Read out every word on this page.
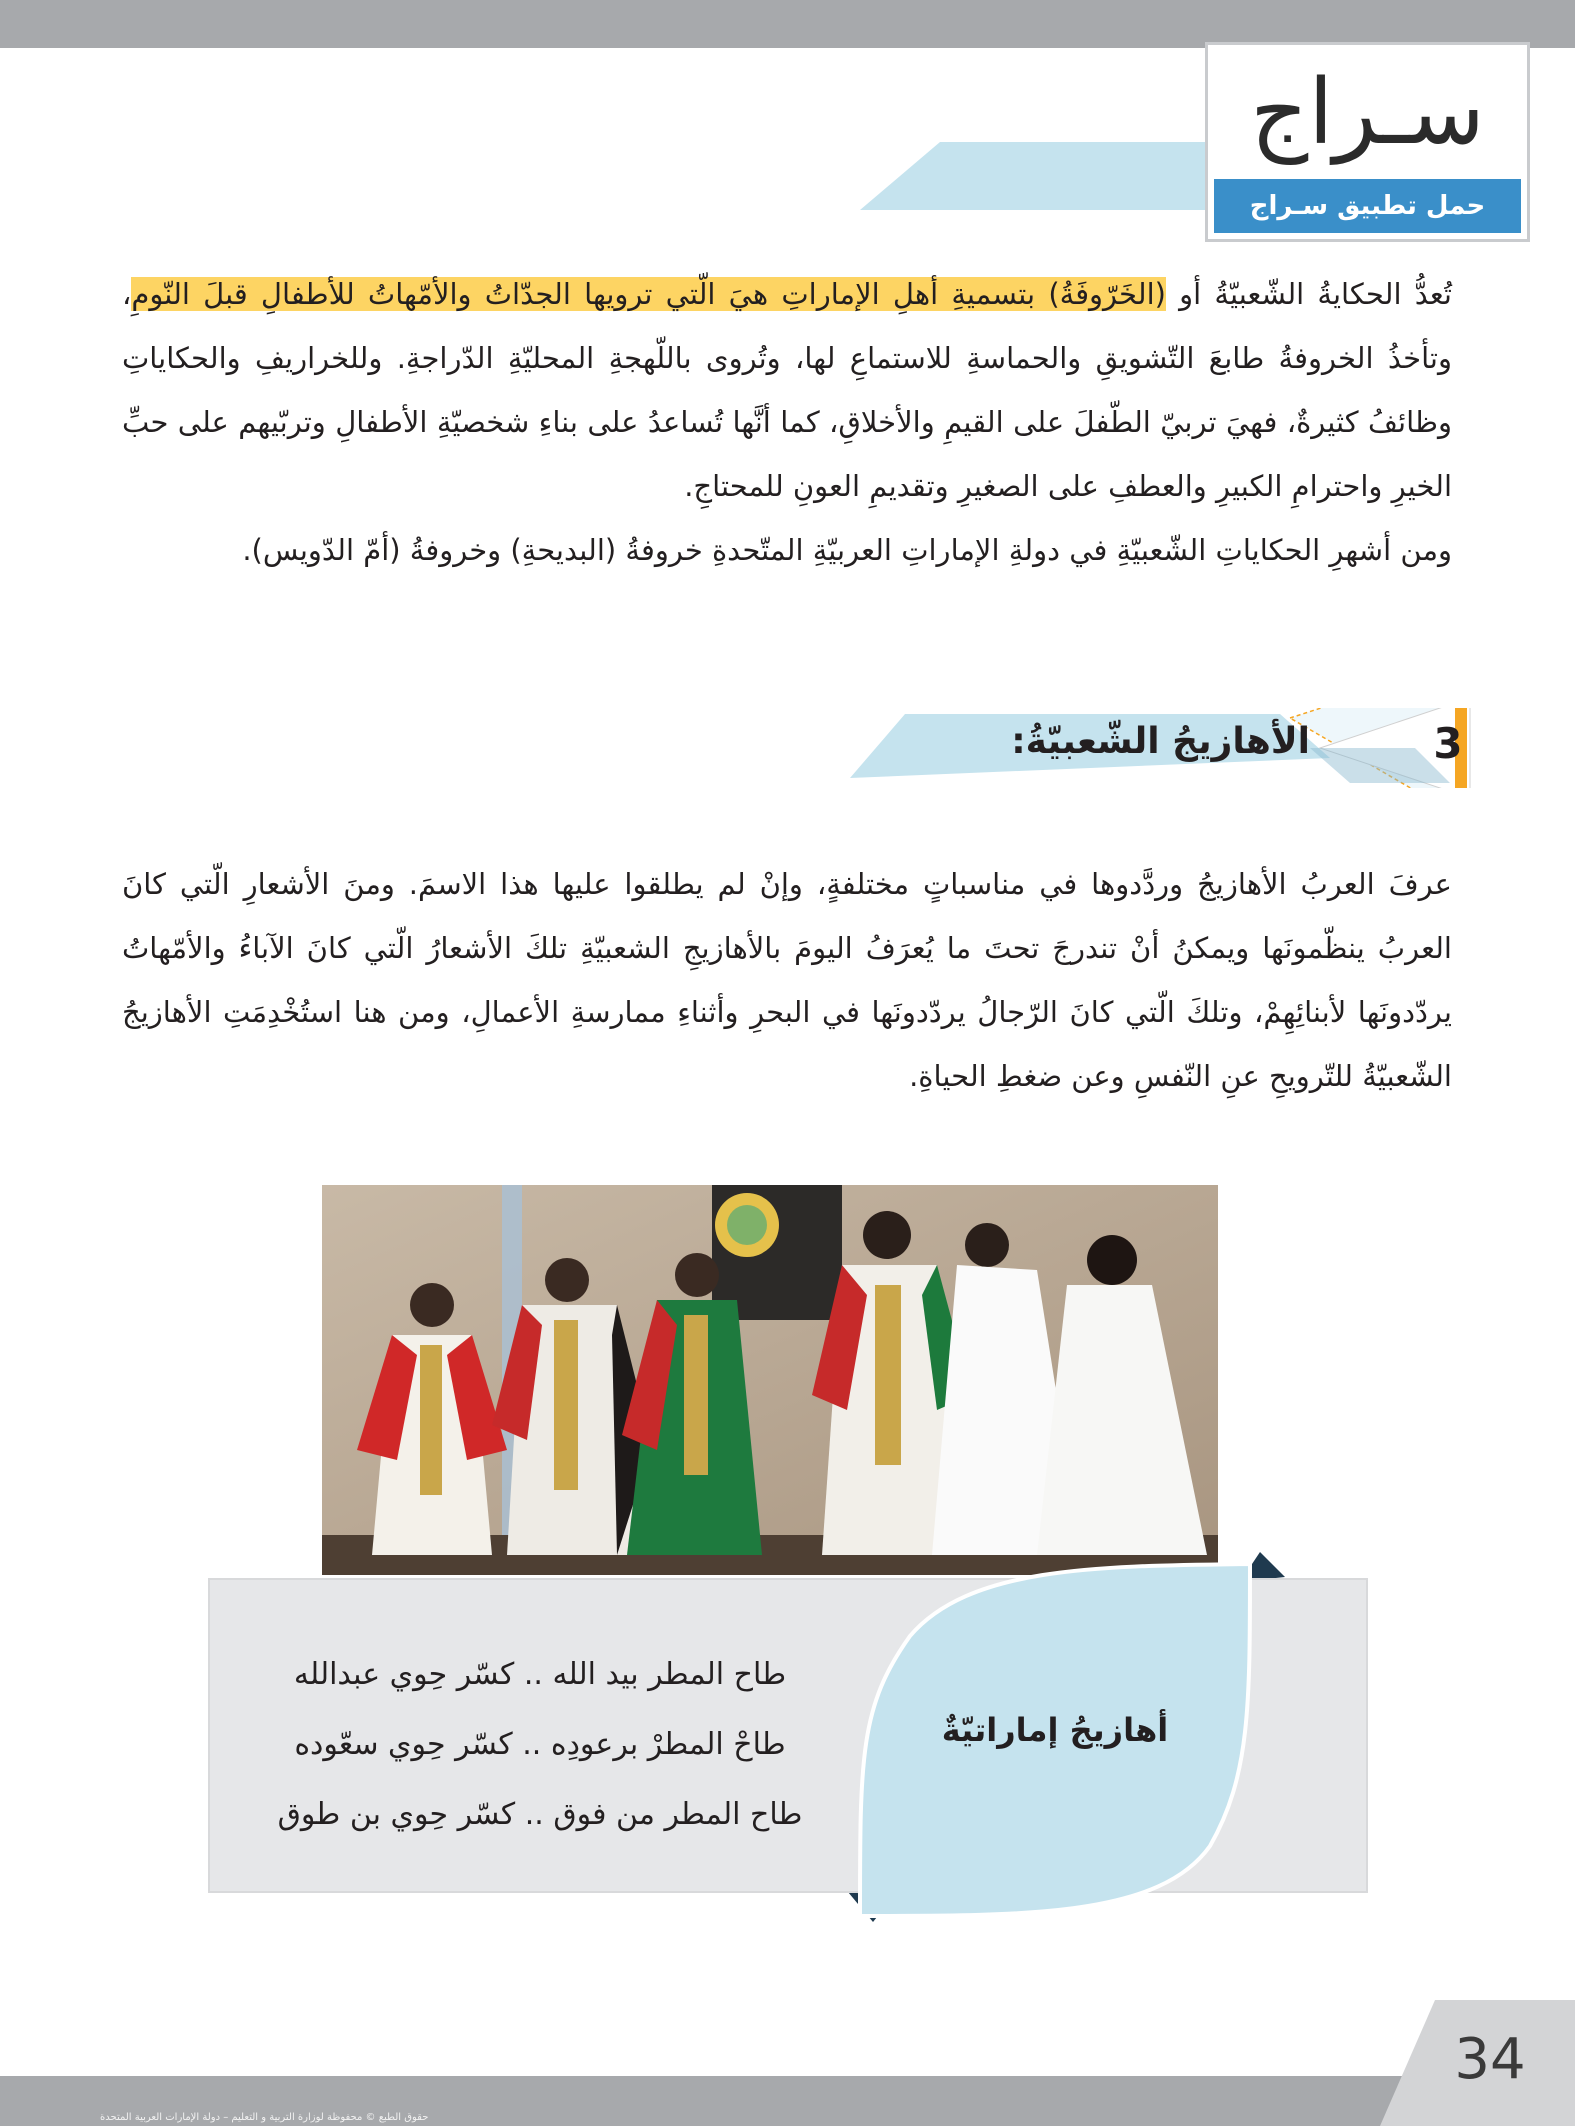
سـراج
حمل تطبيق سـراج

تُعدُّ الحكايةُ الشّعبيّةُ أو (الخَرّوفَةُ) بتسميةِ أهلِ الإماراتِ هيَ الّتي ترويها الجدّاتُ والأمّهاتُ للأطفالِ قبلَ النّومِ، وتأخذُ الخروفةُ طابعَ التّشويقِ والحماسةِ للاستماعِ لها، وتُروى باللّهجةِ المحليّةِ الدّراجةِ. وللخراريفِ والحكاياتِ وظائفُ كثيرةٌ، فهيَ تربيّ الطّفلَ على القيمِ والأخلاقِ، كما أنَّها تُساعدُ على بناءِ شخصيّةِ الأطفالِ وتربّيهم على حبِّ الخيرِ واحترامِ الكبيرِ والعطفِ على الصغيرِ وتقديمِ العونِ للمحتاجِ.

ومن أشهرِ الحكاياتِ الشّعبيّةِ في دولةِ الإماراتِ العربيّةِ المتّحدةِ خروفةُ (البديحةِ) وخروفةُ (أمّ الدّويس).

الأهازيجُ الشّعبيّةُ:	3
عرفَ العربُ الأهازيجُ وردَّدوها في مناسباتٍ مختلفةٍ، وإنْ لم يطلقوا عليها هذا الاسمَ. ومنَ الأشعارِ الّتي كانَ العربُ ينظّمونَها ويمكنُ أنْ تندرجَ تحتَ ما يُعرَفُ اليومَ بالأهازيجِ الشعبيّةِ تلكَ الأشعارُ الّتي كانَ الآباءُ والأمّهاتُ يردّدونَها لأبنائِهِمْ، وتلكَ الّتي كانَ الرّجالُ يردّدونَها في البحرِ وأثناءِ ممارسةِ الأعمالِ، ومن هنا استُخْدِمَتِ الأهازيجُ الشّعبيّةُ للتّرويحِ عنِ النّفسِ وعن ضغطِ الحياةِ.
أهازيجُ إماراتيّةٌ
طاح المطر بيد الله .. كسّر حِوي عبدالله
طاحْ المطرْ برعودِه .. كسّر حِوي سعّوده
طاح المطر من فوق .. كسّر حِوي بن طوق
34
حقوق الطبع © محفوظة لوزارة التربية و التعليم – دولة الإمارات العربية المتحدة
